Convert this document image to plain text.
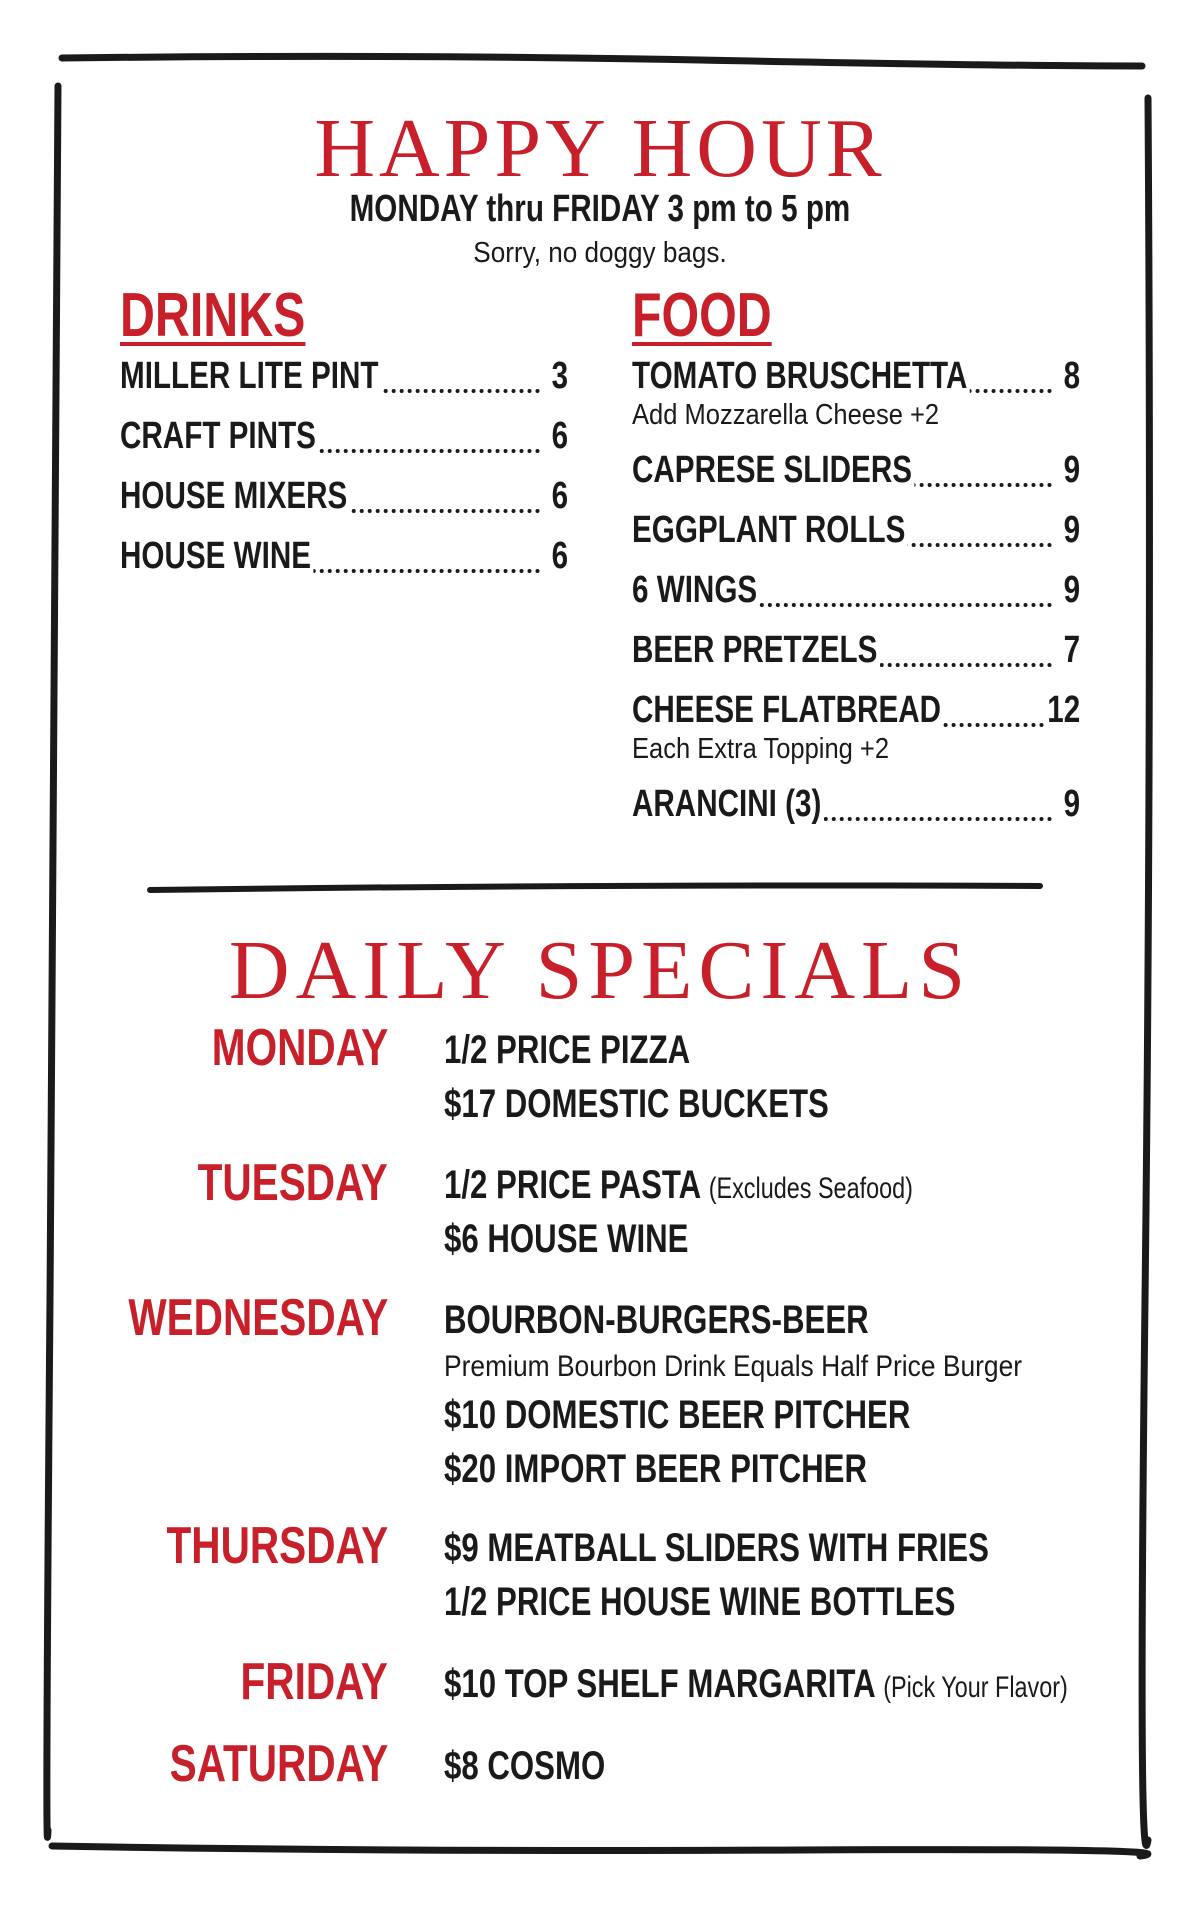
HAPPY HOUR
MONDAY thru FRIDAY 3 pm to 5 pm
Sorry, no doggy bags.
DRINKS	FOOD
MILLER LITE PINT	3
CRAFT PINTS	6
HOUSE MIXERS	6
HOUSE WINE	6
TOMATO BRUSCHETTA	8
Add Mozzarella Cheese +2
CAPRESE SLIDERS	9
EGGPLANT ROLLS	9
6 WINGS	9
BEER PRETZELS	7
CHEESE FLATBREAD	12
Each Extra Topping +2
ARANCINI (3)	9
DAILY SPECIALS
MONDAY 1/2 PRICE PIZZA
$17 DOMESTIC BUCKETS
TUESDAY 1/2 PRICE PASTA (Excludes Seafood)
$6 HOUSE WINE
WEDNESDAY BOURBON-BURGERS-BEER
Premium Bourbon Drink Equals Half Price Burger
$10 DOMESTIC BEER PITCHER
$20 IMPORT BEER PITCHER
THURSDAY $9 MEATBALL SLIDERS WITH FRIES
1/2 PRICE HOUSE WINE BOTTLES
FRIDAY $10 TOP SHELF MARGARITA (Pick Your Flavor)
SATURDAY $8 COSMO
